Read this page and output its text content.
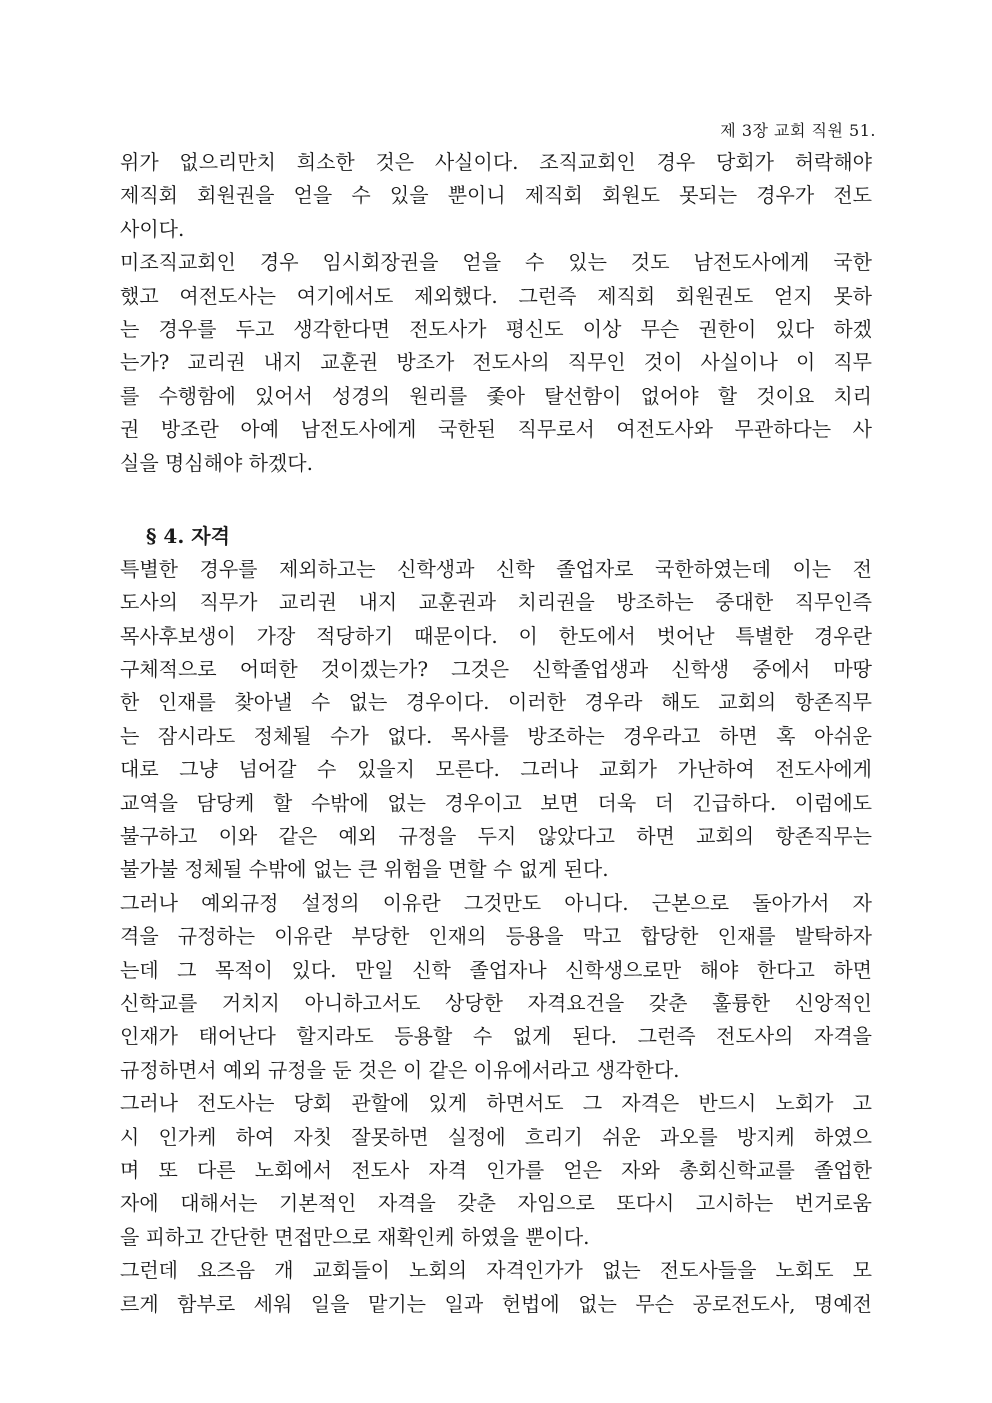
제 3장 교회 직원 51.
위가 없으리만치 희소한 것은 사실이다. 조직교회인 경우 당회가 허락해야
제직회 회원권을 얻을 수 있을 뿐이니 제직회 회원도 못되는 경우가 전도
사이다.
미조직교회인 경우 임시회장권을 얻을 수 있는 것도 남전도사에게 국한
했고 여전도사는 여기에서도 제외했다. 그런즉 제직회 회원권도 얻지 못하
는 경우를 두고 생각한다면 전도사가 평신도 이상 무슨 권한이 있다 하겠
는가? 교리권 내지 교훈권 방조가 전도사의 직무인 것이 사실이나 이 직무
를 수행함에 있어서 성경의 원리를 좇아 탈선함이 없어야 할 것이요 치리
권 방조란 아예 남전도사에게 국한된 직무로서 여전도사와 무관하다는 사
실을 명심해야 하겠다.
§ 4. 자격
특별한 경우를 제외하고는 신학생과 신학 졸업자로 국한하였는데 이는 전
도사의 직무가 교리권 내지 교훈권과 치리권을 방조하는 중대한 직무인즉
목사후보생이 가장 적당하기 때문이다. 이 한도에서 벗어난 특별한 경우란
구체적으로 어떠한 것이겠는가? 그것은 신학졸업생과 신학생 중에서 마땅
한 인재를 찾아낼 수 없는 경우이다. 이러한 경우라 해도 교회의 항존직무
는 잠시라도 정체될 수가 없다. 목사를 방조하는 경우라고 하면 혹 아쉬운
대로 그냥 넘어갈 수 있을지 모른다. 그러나 교회가 가난하여 전도사에게
교역을 담당케 할 수밖에 없는 경우이고 보면 더욱 더 긴급하다. 이럼에도
불구하고 이와 같은 예외 규정을 두지 않았다고 하면 교회의 항존직무는
불가불 정체될 수밖에 없는 큰 위험을 면할 수 없게 된다.
그러나 예외규정 설정의 이유란 그것만도 아니다. 근본으로 돌아가서 자
격을 규정하는 이유란 부당한 인재의 등용을 막고 합당한 인재를 발탁하자
는데 그 목적이 있다. 만일 신학 졸업자나 신학생으로만 해야 한다고 하면
신학교를 거치지 아니하고서도 상당한 자격요건을 갖춘 훌륭한 신앙적인
인재가 태어난다 할지라도 등용할 수 없게 된다. 그런즉 전도사의 자격을
규정하면서 예외 규정을 둔 것은 이 같은 이유에서라고 생각한다.
그러나 전도사는 당회 관할에 있게 하면서도 그 자격은 반드시 노회가 고
시 인가케 하여 자칫 잘못하면 실정에 흐리기 쉬운 과오를 방지케 하였으
며 또 다른 노회에서 전도사 자격 인가를 얻은 자와 총회신학교를 졸업한
자에 대해서는 기본적인 자격을 갖춘 자임으로 또다시 고시하는 번거로움
을 피하고 간단한 면접만으로 재확인케 하였을 뿐이다.
그런데 요즈음 개 교회들이 노회의 자격인가가 없는 전도사들을 노회도 모
르게 함부로 세워 일을 맡기는 일과 헌법에 없는 무슨 공로전도사, 명예전
